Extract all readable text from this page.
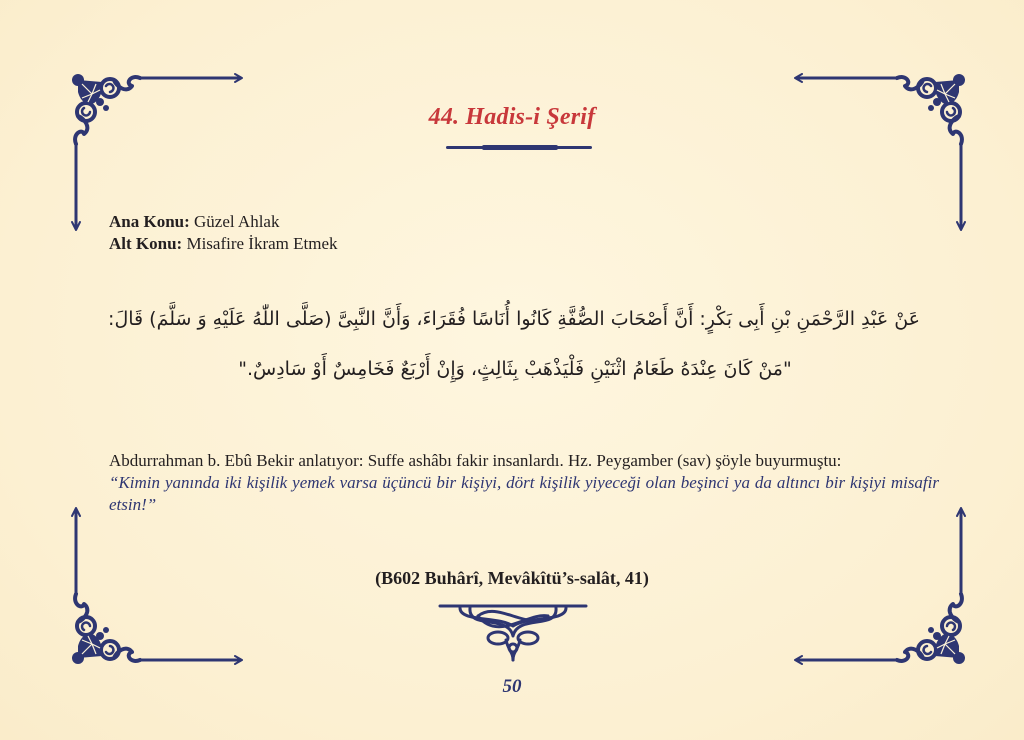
44. Hadis-i Şerif
Ana Konu: Güzel Ahlak
Alt Konu: Misafire İkram Etmek
عَنْ عَبْدِ الرَّحْمَنِ بْنِ أَبِى بَكْرٍ: أَنَّ أَصْحَابَ الصُّفَّةِ كَانُوا أُنَاسًا فُقَرَاءَ، وَأَنَّ النَّبِىَّ (صَلَّى اللّٰهُ عَلَيْهِ وَ سَلَّمَ) قَالَ:
"مَنْ كَانَ عِنْدَهُ طَعَامُ اثْنَيْنِ فَلْيَذْهَبْ بِثَالِثٍ، وَإِنْ أَرْبَعٌ فَخَامِسٌ أَوْ سَادِسٌ."
Abdurrahman b. Ebû Bekir anlatıyor: Suffe ashâbı fakir insanlardı. Hz. Peygamber (sav) şöyle buyurmuştu:
“Kimin yanında iki kişilik yemek varsa üçüncü bir kişiyi, dört kişilik yiyeceği olan beşinci ya da altıncı bir kişiyi misafir etsin!”
(B602 Buhârî, Mevâkîtü’s-salât, 41)
50
